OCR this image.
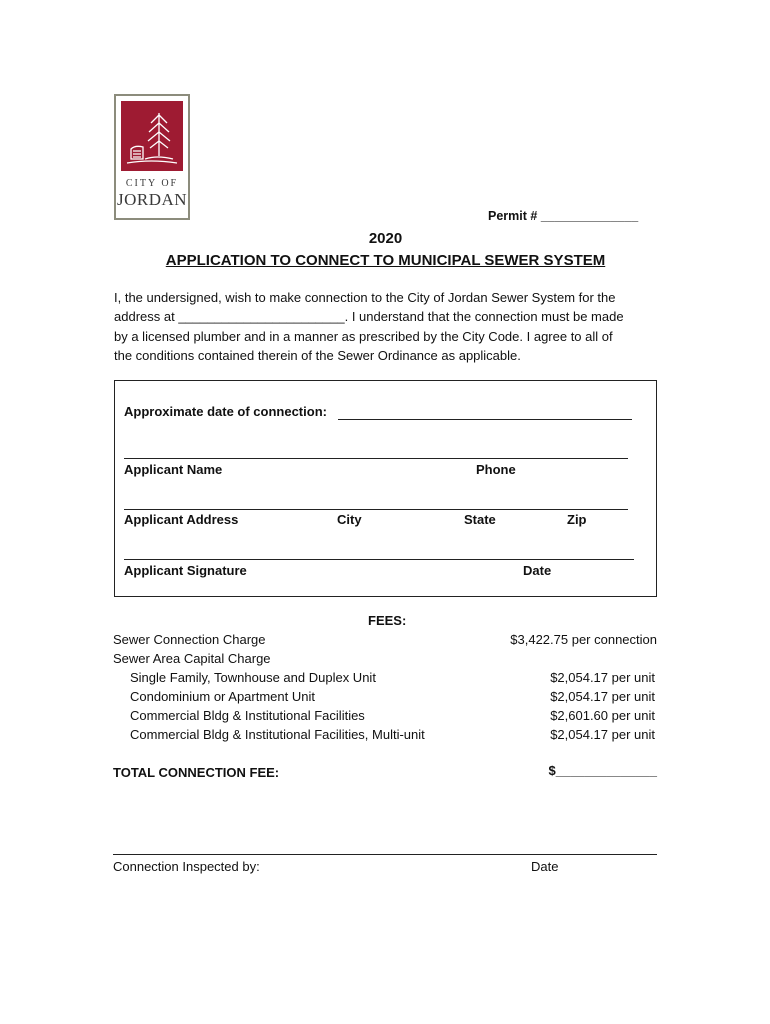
CITY OF
JORDAN
Permit # ______________
2020
APPLICATION TO CONNECT TO MUNICIPAL SEWER SYSTEM
I, the undersigned, wish to make connection to the City of Jordan Sewer System for the
address at _______________________. I understand that the connection must be made
by a licensed plumber and in a manner as prescribed by the City Code. I agree to all of
the conditions contained therein of the Sewer Ordinance as applicable.
Approximate date of connection:
Applicant Name	Phone
Applicant Address	City	State	Zip
Applicant Signature	Date
FEES:
Sewer Connection Charge	$3,422.75 per connection
Sewer Area Capital Charge
Single Family, Townhouse and Duplex Unit	$2,054.17 per unit
Condominium or Apartment Unit	$2,054.17 per unit
Commercial Bldg & Institutional Facilities	$2,601.60 per unit
Commercial Bldg & Institutional Facilities, Multi-unit	$2,054.17 per unit
TOTAL CONNECTION FEE:	$______________
Connection Inspected by:	Date
